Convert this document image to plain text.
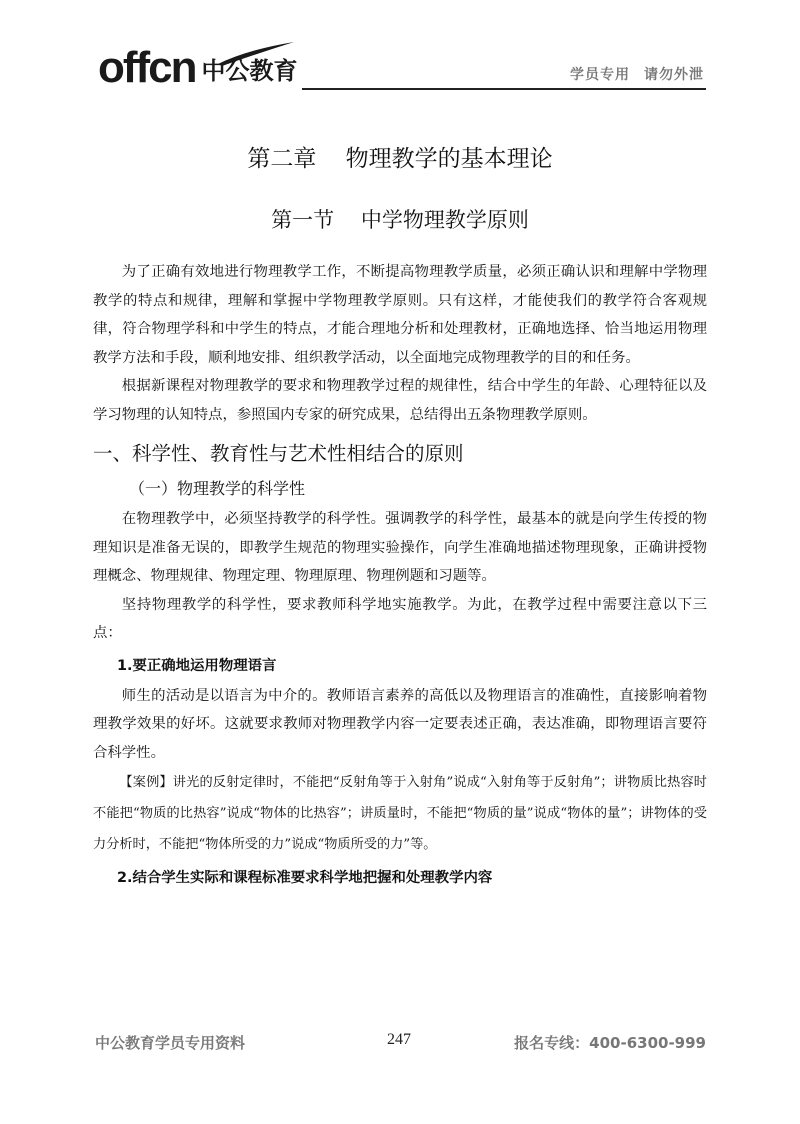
offcn 中公教育	学员专用 请勿外泄
第二章    物理教学的基本理论
第一节    中学物理教学原则

为了正确有效地进行物理教学工作，不断提高物理教学质量，必须正确认识和理解中学物理教学的特点和规律，理解和掌握中学物理教学原则。只有这样，才能使我们的教学符合客观规律，符合物理学科和中学生的特点，才能合理地分析和处理教材，正确地选择、恰当地运用物理教学方法和手段，顺利地安排、组织教学活动，以全面地完成物理教学的目的和任务。

根据新课程对物理教学的要求和物理教学过程的规律性，结合中学生的年龄、心理特征以及学习物理的认知特点，参照国内专家的研究成果，总结得出五条物理教学原则。

一、科学性、教育性与艺术性相结合的原则
（一）物理教学的科学性

在物理教学中，必须坚持教学的科学性。强调教学的科学性，最基本的就是向学生传授的物理知识是准备无误的，即教学生规范的物理实验操作，向学生准确地描述物理现象，正确讲授物理概念、物理规律、物理定理、物理原理、物理例题和习题等。

坚持物理教学的科学性，要求教师科学地实施教学。为此，在教学过程中需要注意以下三点：

1.要正确地运用物理语言

师生的活动是以语言为中介的。教师语言素养的高低以及物理语言的准确性，直接影响着物理教学效果的好坏。这就要求教师对物理教学内容一定要表述正确，表达准确，即物理语言要符合科学性。

【案例】讲光的反射定律时，不能把“反射角等于入射角”说成“入射角等于反射角”；讲物质比热容时不能把“物质的比热容”说成“物体的比热容”；讲质量时，不能把“物质的量”说成“物体的量”；讲物体的受力分析时，不能把“物体所受的力”说成“物质所受的力”等。

2.结合学生实际和课程标准要求科学地把握和处理教学内容
中公教育学员专用资料	247	报名专线：400-6300-999
